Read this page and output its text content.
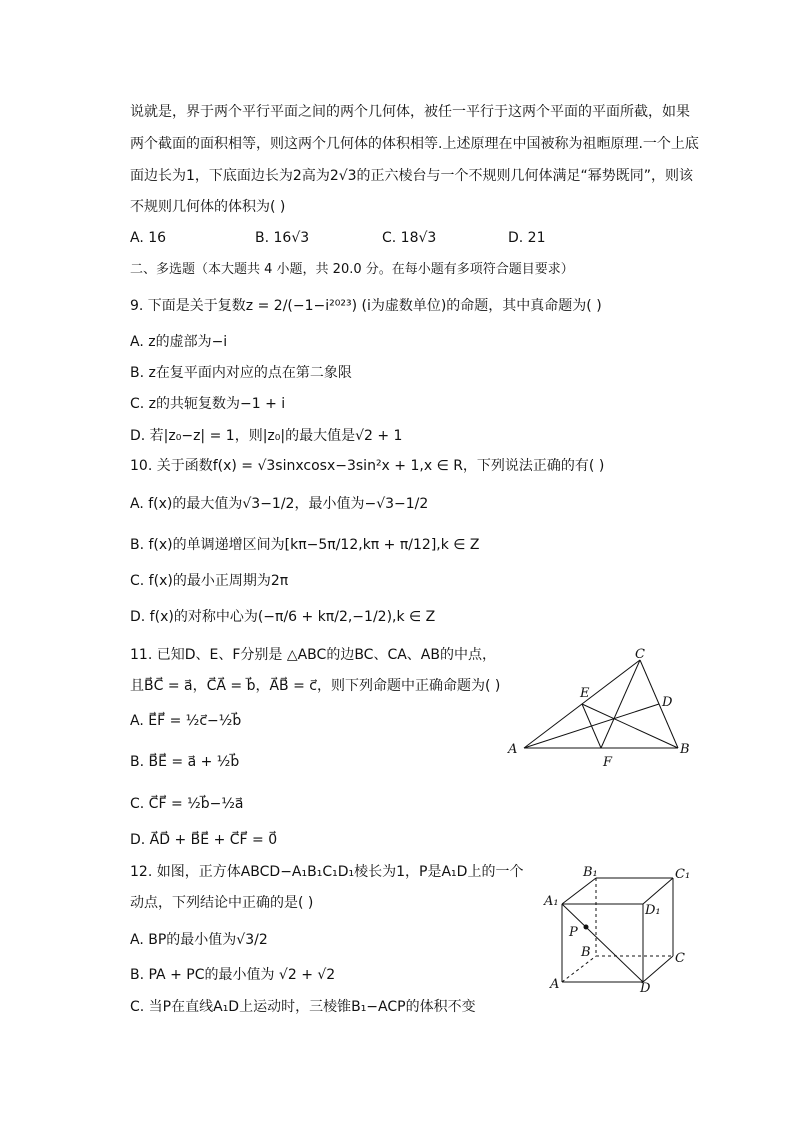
说就是，界于两个平行平面之间的两个几何体，被任一平行于这两个平面的平面所截，如果
两个截面的面积相等，则这两个几何体的体积相等.上述原理在中国被称为祖暅原理.一个上底
面边长为1，下底面边长为2高为2√3的正六棱台与一个不规则几何体满足“幂势既同”，则该
不规则几何体的体积为( )
A. 16	B. 16√3	C. 18√3	D. 21
二、多选题（本大题共 4 小题，共 20.0 分。在每小题有多项符合题目要求）
9. 下面是关于复数z = 2/(−1−i²⁰²³) (i为虚数单位)的命题，其中真命题为( )
A. z的虚部为−i
B. z在复平面内对应的点在第二象限
C. z的共轭复数为−1 + i
D. 若|z₀−z| = 1，则|z₀|的最大值是√2 + 1
10. 关于函数f(x) = √3sinxcosx−3sin²x + 1,x ∈ R，下列说法正确的有( )
A. f(x)的最大值为√3−1/2，最小值为−√3−1/2
B. f(x)的单调递增区间为[kπ−5π/12,kπ + π/12],k ∈ Z
C. f(x)的最小正周期为2π
D. f(x)的对称中心为(−π/6 + kπ/2,−1/2),k ∈ Z
11. 已知D、E、F分别是 △ABC的边BC、CA、AB的中点，
且B⃗C⃗ = a⃗，C⃗A⃗ = b⃗，A⃗B⃗ = c⃗，则下列命题中正确命题为( )
A. E⃗F⃗ = ½c⃗−½b⃗
B. B⃗E⃗ = a⃗ + ½b⃗
C. C⃗F⃗ = ½b⃗−½a⃗
D. A⃗D⃗ + B⃗E⃗ + C⃗F⃗ = 0⃗
A	B
C
D
E
F
12. 如图，正方体ABCD−A₁B₁C₁D₁棱长为1，P是A₁D上的一个
动点，下列结论中正确的是( )
A. BP的最小值为√3/2
B. PA + PC的最小值为 √2 + √2
C. 当P在直线A₁D上运动时，三棱锥B₁−ACP的体积不变
B₁	C₁
A₁
D₁
P
B	C
A	D
